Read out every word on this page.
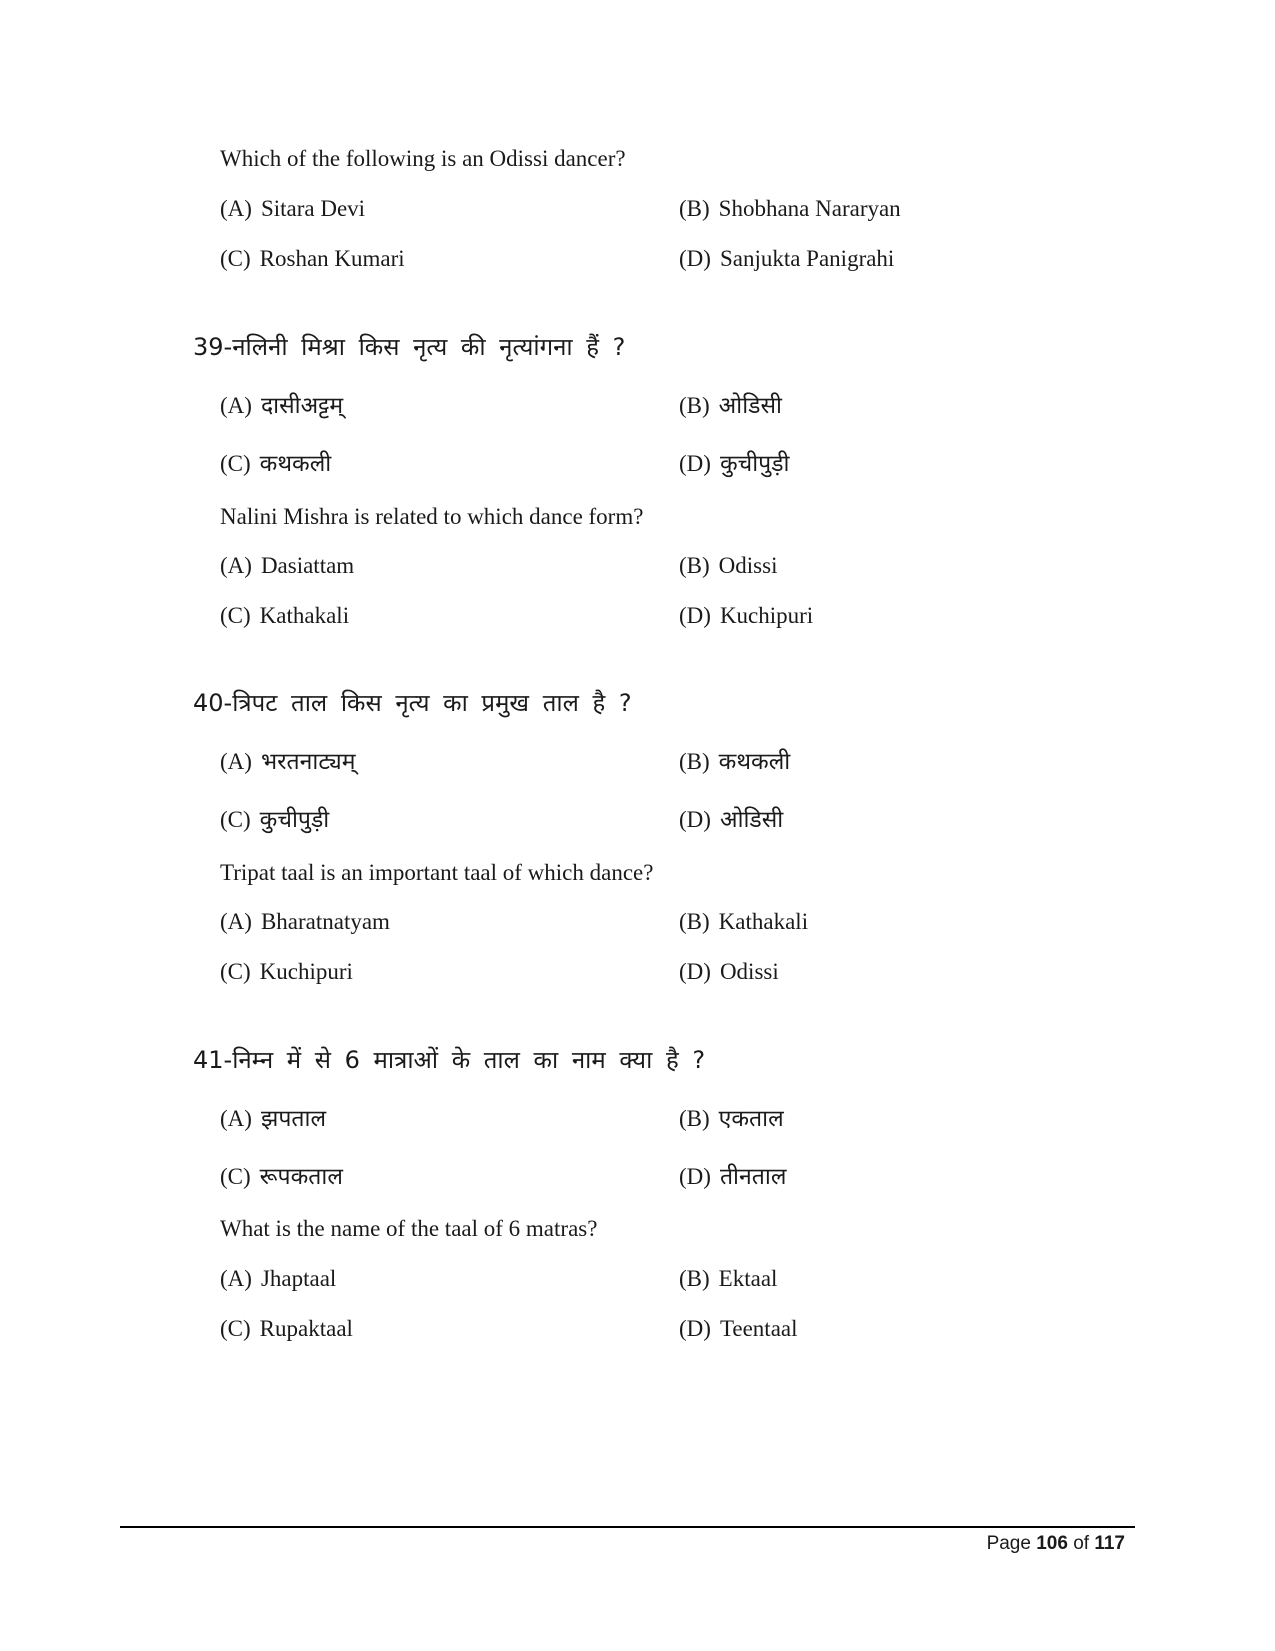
Which of the following is an Odissi dancer?
(A) Sitara Devi	(B) Shobhana Nararyan
(C) Roshan Kumari	(D) Sanjukta Panigrahi
39-नलिनी मिश्रा किस नृत्य की नृत्यांगना हैं ?
(A) दासीअट्टम्	(B) ओडिसी
(C) कथकली	(D) कुचीपुड़ी
Nalini Mishra is related to which dance form?
(A) Dasiattam	(B) Odissi
(C) Kathakali	(D) Kuchipuri
40-त्रिपट ताल किस नृत्य का प्रमुख ताल है ?
(A) भरतनाट्यम्	(B) कथकली
(C) कुचीपुड़ी	(D) ओडिसी
Tripat taal is an important taal of which dance?
(A) Bharatnatyam	(B) Kathakali
(C) Kuchipuri	(D) Odissi
41-निम्न में से 6 मात्राओं के ताल का नाम क्या है ?
(A) झपताल	(B) एकताल
(C) रूपकताल	(D) तीनताल
What is the name of the taal of 6 matras?
(A) Jhaptaal	(B) Ektaal
(C) Rupaktaal	(D) Teentaal
Page 106 of 117
